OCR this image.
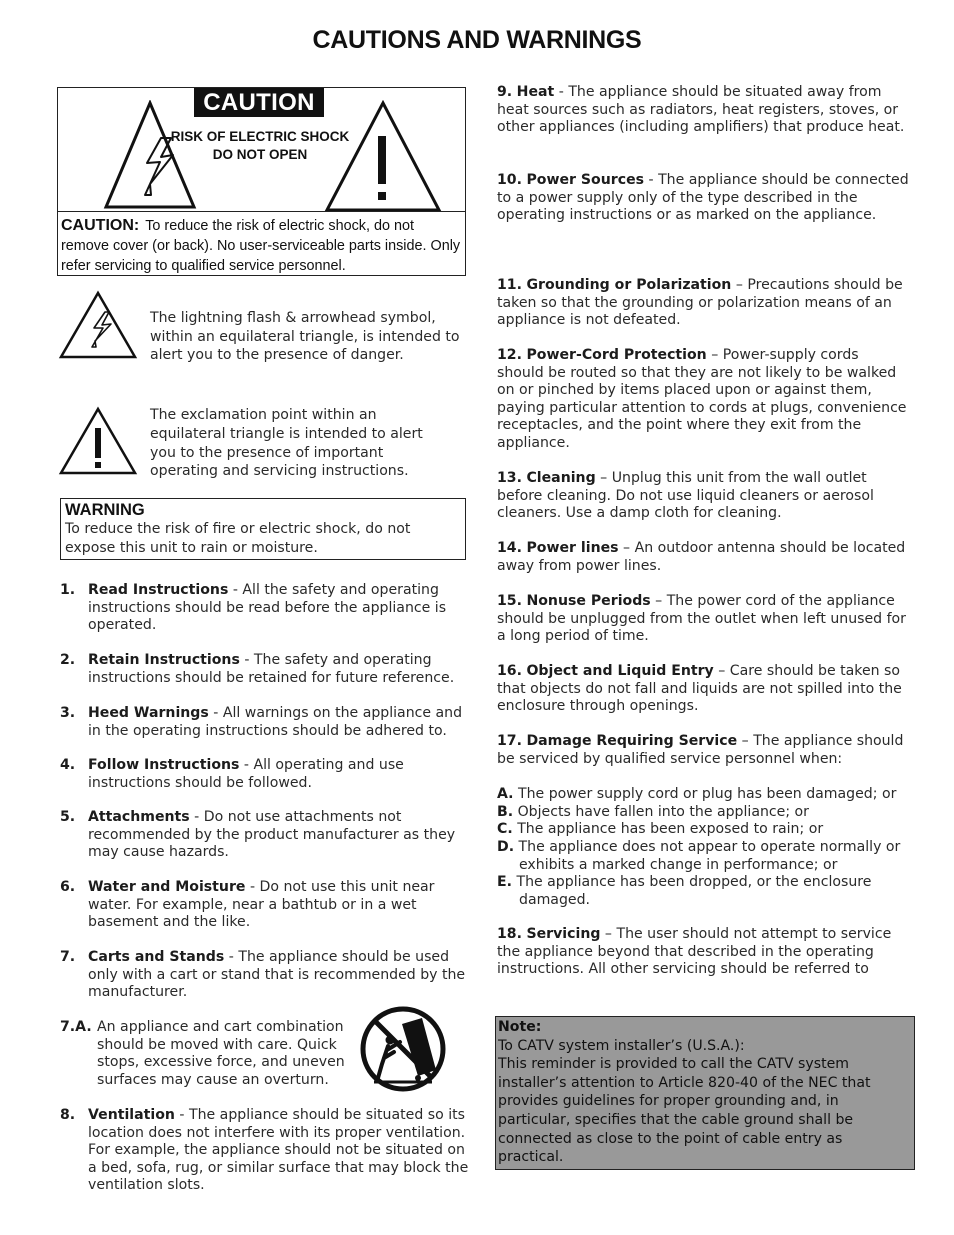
CAUTIONS AND WARNINGS
CAUTION
RISK OF ELECTRIC SHOCK
DO NOT OPEN
CAUTION: To reduce the risk of electric shock, do not remove cover (or back). No user-serviceable parts inside. Only refer servicing to qualified service personnel.
The lightning flash & arrowhead symbol, within an equilateral triangle, is intended to alert you to the presence of danger.
The exclamation point within an equilateral triangle is intended to alert you to the presence of important operating and servicing instructions.
WARNING
To reduce the risk of fire or electric shock, do not expose this unit to rain or moisture.
1. Read Instructions - All the safety and operating instructions should be read before the appliance is operated.
2. Retain Instructions - The safety and operating instructions should be retained for future reference.
3. Heed Warnings - All warnings on the appliance and in the operating instructions should be adhered to.
4. Follow Instructions - All operating and use instructions should be followed.
5. Attachments - Do not use attachments not recommended by the product manufacturer as they may cause hazards.
6. Water and Moisture - Do not use this unit near water. For example, near a bathtub or in a wet basement and the like.
7. Carts and Stands - The appliance should be used only with a cart or stand that is recommended by the manufacturer.
7.A. An appliance and cart combination should be moved with care. Quick stops, excessive force, and uneven surfaces may cause an overturn.
8. Ventilation - The appliance should be situated so its location does not interfere with its proper ventilation. For example, the appliance should not be situated on a bed, sofa, rug, or similar surface that may block the ventilation slots.
9. Heat - The appliance should be situated away from heat sources such as radiators, heat registers, stoves, or other appliances (including amplifiers) that produce heat.
10. Power Sources - The appliance should be connected to a power supply only of the type described in the operating instructions or as marked on the appliance.
11. Grounding or Polarization – Precautions should be taken so that the grounding or polarization means of an appliance is not defeated.
12. Power-Cord Protection – Power-supply cords should be routed so that they are not likely to be walked on or pinched by items placed upon or against them, paying particular attention to cords at plugs, convenience receptacles, and the point where they exit from the appliance.
13. Cleaning – Unplug this unit from the wall outlet before cleaning. Do not use liquid cleaners or aerosol cleaners. Use a damp cloth for cleaning.
14. Power lines – An outdoor antenna should be located away from power lines.
15. Nonuse Periods – The power cord of the appliance should be unplugged from the outlet when left unused for a long period of time.
16. Object and Liquid Entry – Care should be taken so that objects do not fall and liquids are not spilled into the enclosure through openings.
17. Damage Requiring Service – The appliance should be serviced by qualified service personnel when:
A. The power supply cord or plug has been damaged; or
B. Objects have fallen into the appliance; or
C. The appliance has been exposed to rain; or
D. The appliance does not appear to operate normally or exhibits a marked change in performance; or
E. The appliance has been dropped, or the enclosure damaged.
18. Servicing – The user should not attempt to service the appliance beyond that described in the operating instructions. All other servicing should be referred to
Note:
To CATV system installer’s (U.S.A.):
This reminder is provided to call the CATV system installer’s attention to Article 820-40 of the NEC that provides guidelines for proper grounding and, in particular, specifies that the cable ground shall be connected as close to the point of cable entry as practical.
